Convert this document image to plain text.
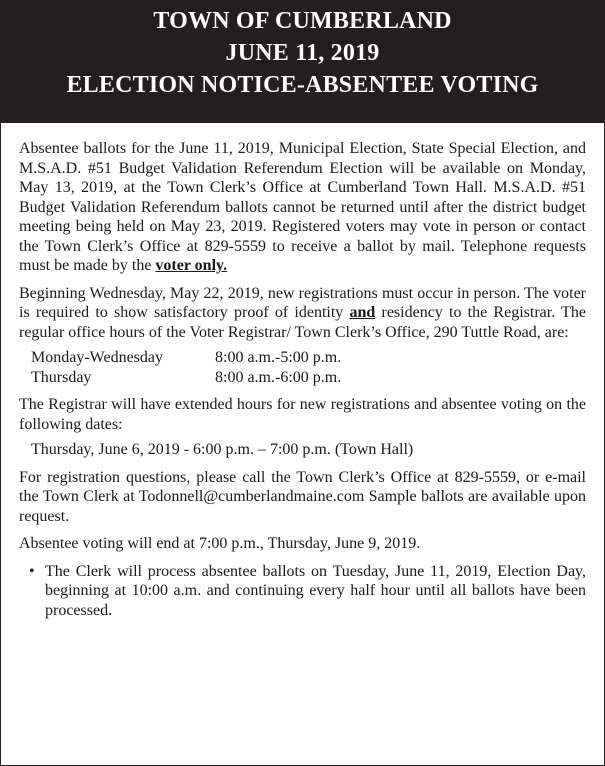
TOWN OF CUMBERLAND
JUNE 11, 2019
ELECTION NOTICE-ABSENTEE VOTING

Absentee ballots for the June 11, 2019, Municipal Election, State Special Election, and M.S.A.D. #51 Budget Validation Referendum Election will be available on Monday, May 13, 2019, at the Town Clerk’s Office at Cumberland Town Hall. M.S.A.D. #51 Budget Validation Referendum ballots cannot be returned until after the district budget meeting being held on May 23, 2019. Registered voters may vote in person or contact the Town Clerk’s Office at 829-5559 to receive a ballot by mail. Telephone requests must be made by the voter only.

Beginning Wednesday, May 22, 2019, new registrations must occur in person. The voter is required to show satisfactory proof of identity and residency to the Registrar. The regular office hours of the Voter Registrar/ Town Clerk’s Office, 290 Tuttle Road, are:

Monday-Wednesday	8:00 a.m.-5:00 p.m.
Thursday	8:00 a.m.-6:00 p.m.

The Registrar will have extended hours for new registrations and absentee voting on the following dates:

Thursday, June 6, 2019 - 6:00 p.m. – 7:00 p.m. (Town Hall)

For registration questions, please call the Town Clerk’s Office at 829-5559, or e-mail the Town Clerk at Todonnell@cumberlandmaine.com Sample ballots are available upon request.

Absentee voting will end at 7:00 p.m., Thursday, June 9, 2019.

• The Clerk will process absentee ballots on Tuesday, June 11, 2019, Election Day, beginning at 10:00 a.m. and continuing every half hour until all ballots have been processed.
